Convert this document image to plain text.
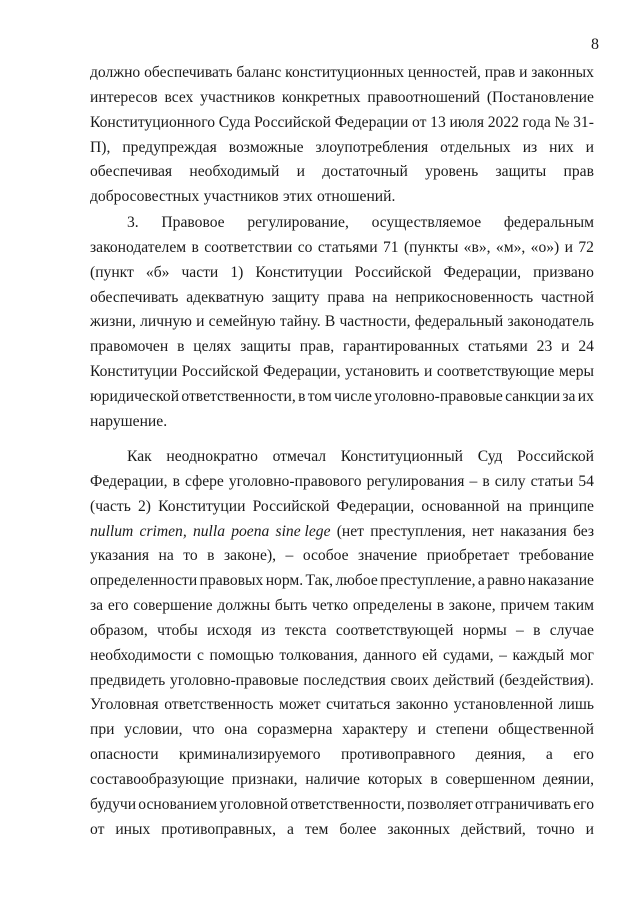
8
должно обеспечивать баланс конституционных ценностей, прав и законных
интересов всех участников конкретных правоотношений (Постановление
Конституционного Суда Российской Федерации от 13 июля 2022 года № 31-
П), предупреждая возможные злоупотребления отдельных из них и
обеспечивая необходимый и достаточный уровень защиты прав
добросовестных участников этих отношений.
3. Правовое регулирование, осуществляемое федеральным
законодателем в соответствии со статьями 71 (пункты «в», «м», «о») и 72
(пункт «б» части 1) Конституции Российской Федерации, призвано
обеспечивать адекватную защиту права на неприкосновенность частной
жизни, личную и семейную тайну. В частности, федеральный законодатель
правомочен в целях защиты прав, гарантированных статьями 23 и 24
Конституции Российской Федерации, установить и соответствующие меры
юридической ответственности, в том числе уголовно-правовые санкции за их
нарушение.
Как неоднократно отмечал Конституционный Суд Российской
Федерации, в сфере уголовно-правового регулирования – в силу статьи 54
(часть 2) Конституции Российской Федерации, основанной на принципе
nullum crimen, nulla poena sine lege (нет преступления, нет наказания без
указания на то в законе), – особое значение приобретает требование
определенности правовых норм. Так, любое преступление, а равно наказание
за его совершение должны быть четко определены в законе, причем таким
образом, чтобы исходя из текста соответствующей нормы – в случае
необходимости с помощью толкования, данного ей судами, – каждый мог
предвидеть уголовно-правовые последствия своих действий (бездействия).
Уголовная ответственность может считаться законно установленной лишь
при условии, что она соразмерна характеру и степени общественной
опасности криминализируемого противоправного деяния, а его
составообразующие признаки, наличие которых в совершенном деянии,
будучи основанием уголовной ответственности, позволяет отграничивать его
от иных противоправных, а тем более законных действий, точно и
